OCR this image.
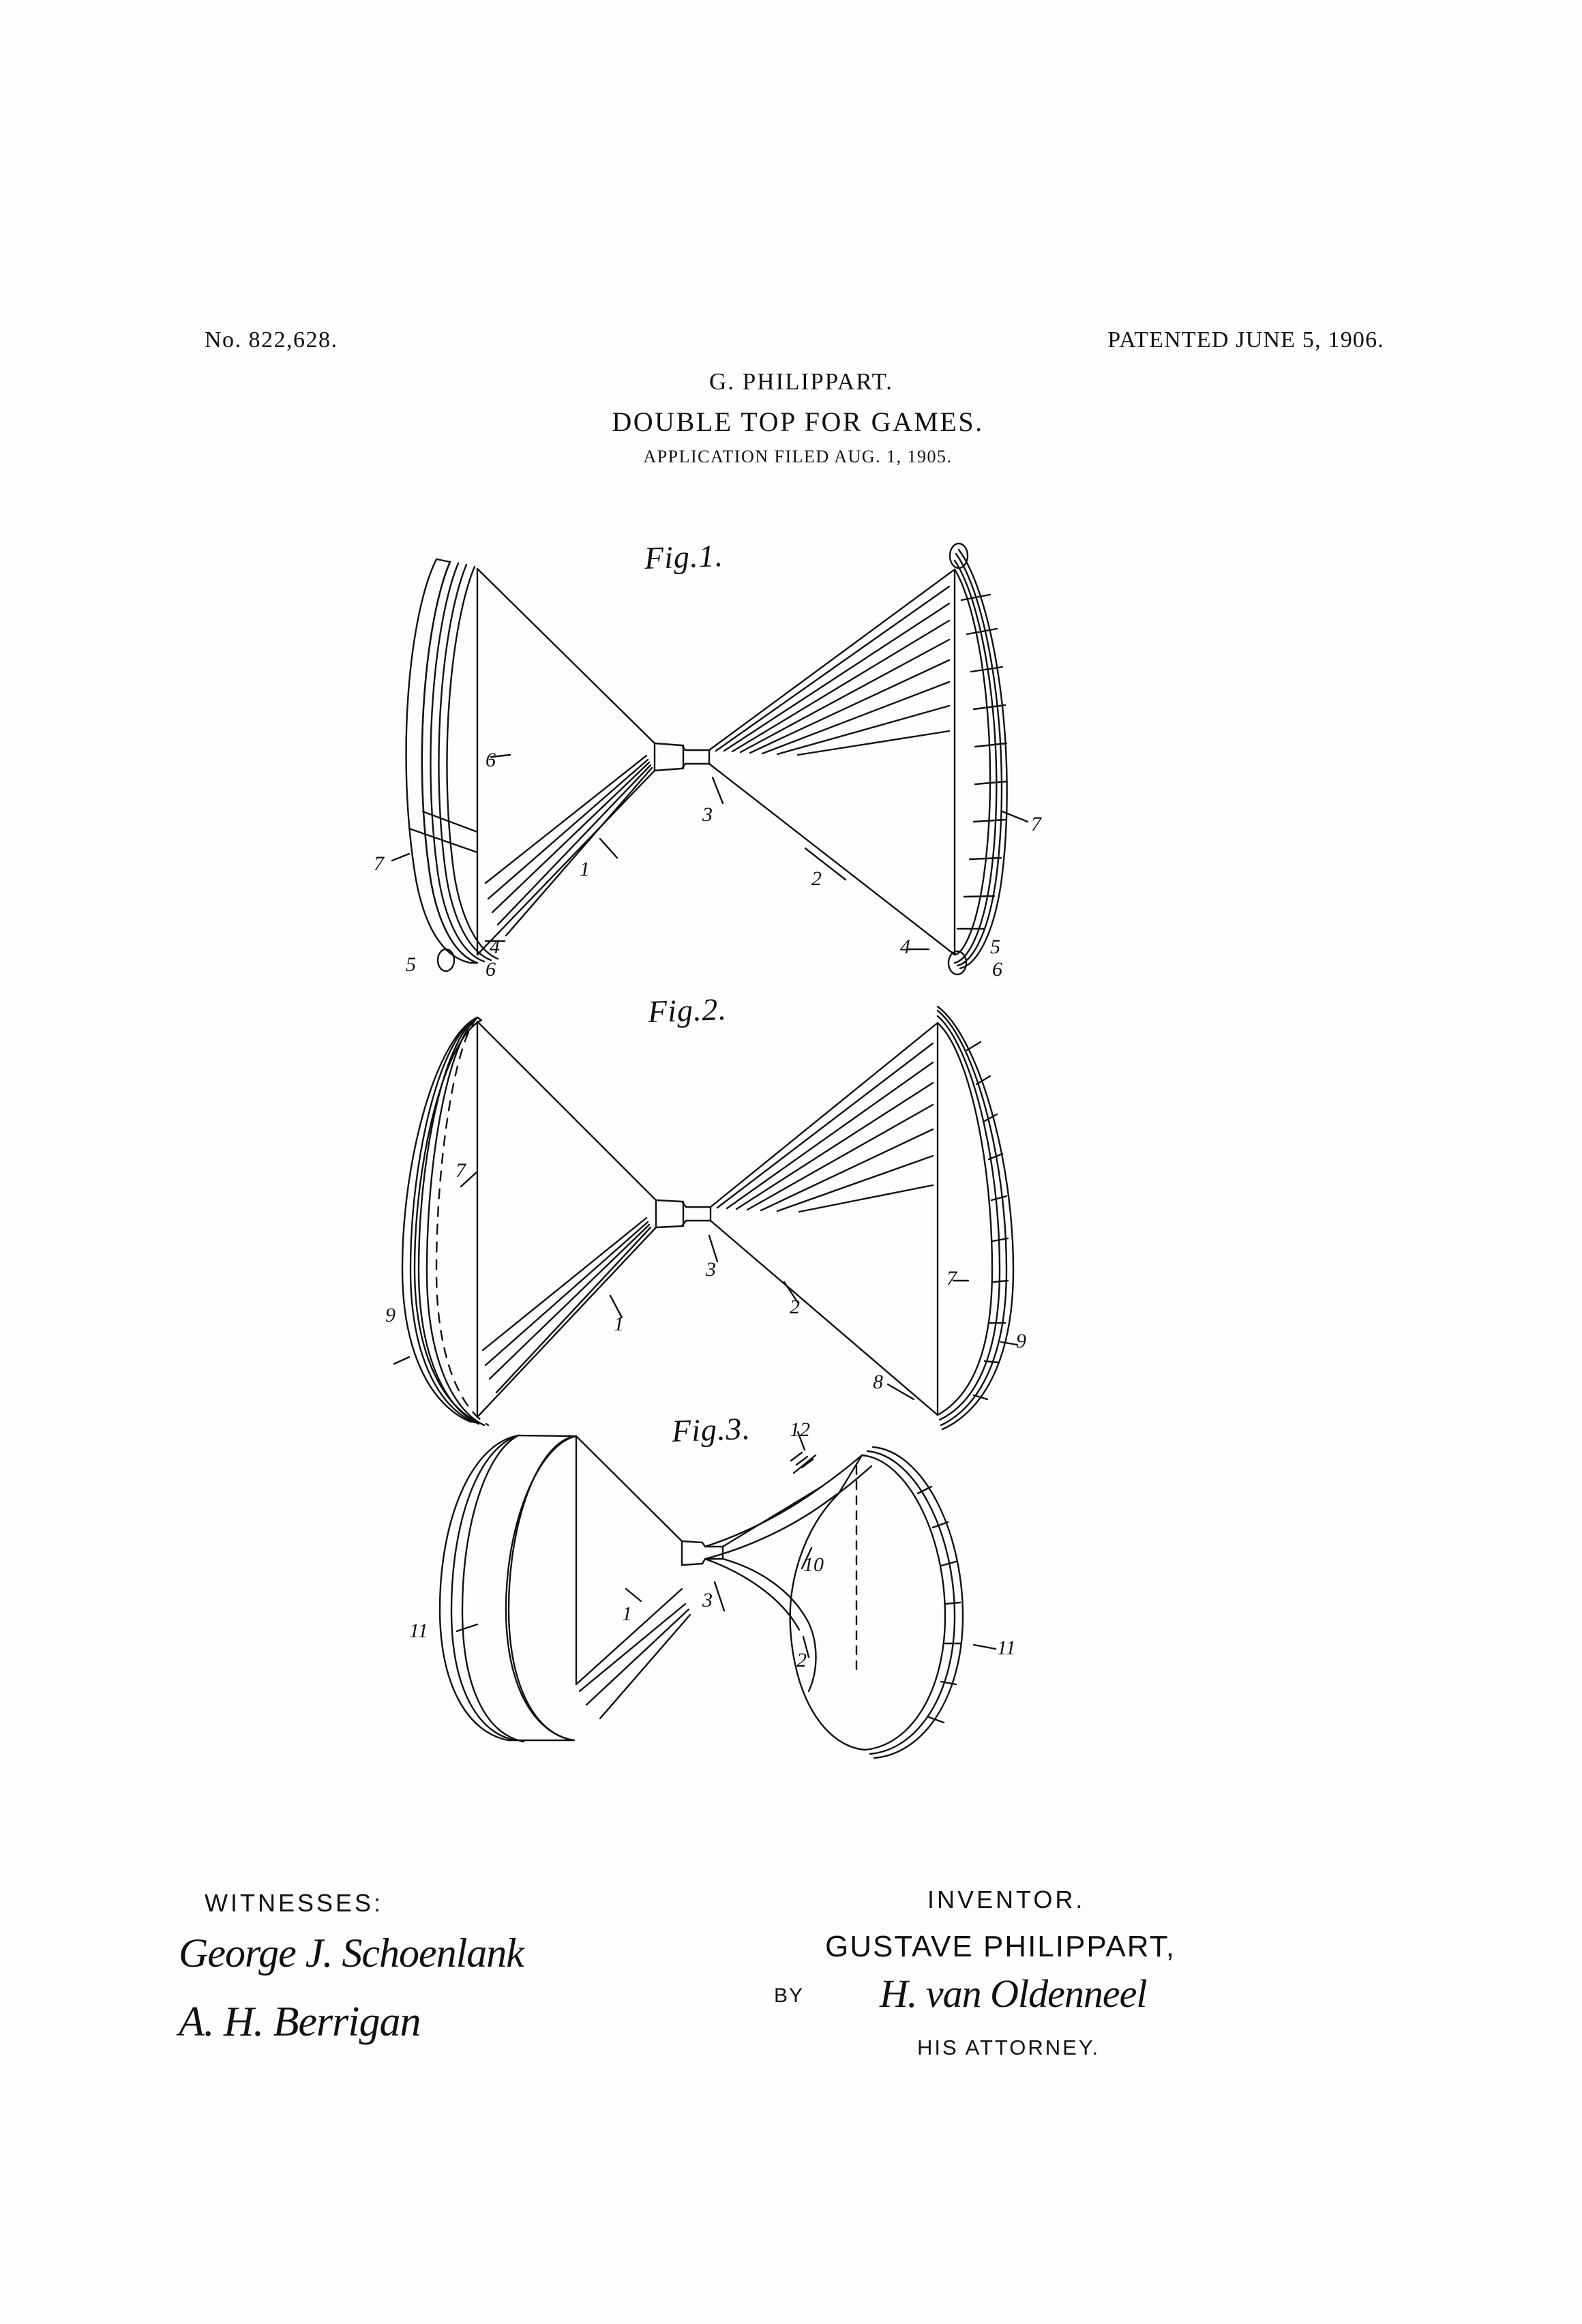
No. 822,628.	PATENTED JUNE 5, 1906.
G. PHILIPPART.
DOUBLE TOP FOR GAMES.
APPLICATION FILED AUG. 1, 1905.
Fig.1.
Fig.2.
Fig.3.
6
7
3
1	2
7
4
5	6
4	5
6
7
3
1
2
7
9
9
8
12
10
3
1
2
11
11
WITNESSES:
George J. Schoenlank
A. H. Berrigan
INVENTOR.
GUSTAVE PHILIPPART,
BY H. van Oldenneel
HIS ATTORNEY.
